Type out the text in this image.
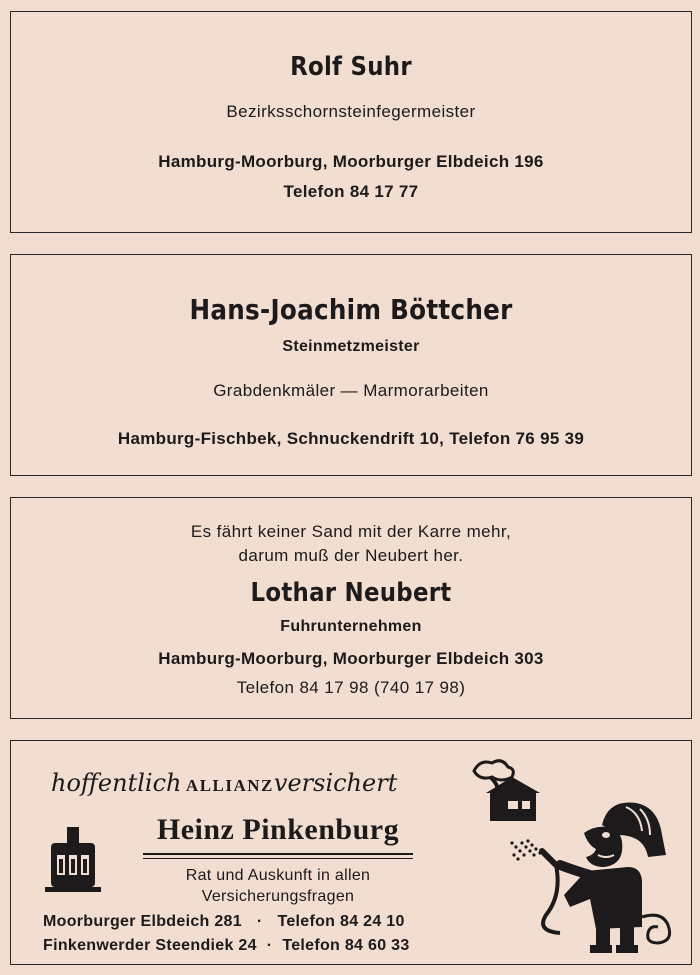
Rolf Suhr
Bezirksschornsteinfegermeister
Hamburg-Moorburg, Moorburger Elbdeich 196
Telefon 84 17 77
Hans-Joachim Böttcher
Steinmetzmeister
Grabdenkmäler — Marmorarbeiten
Hamburg-Fischbek, Schnuckendrift 10, Telefon 76 95 39
Es fährt keiner Sand mit der Karre mehr,
darum muß der Neubert her.
Lothar Neubert
Fuhrunternehmen
Hamburg-Moorburg, Moorburger Elbdeich 303
Telefon 84 17 98 (740 17 98)
hoffentlich ALLIANZversichert
Heinz Pinkenburg
Rat und Auskunft in allen
Versicherungsfragen
Moorburger Elbdeich 281 · Telefon 84 24 10
Finkenwerder Steendiek 24 · Telefon 84 60 33
